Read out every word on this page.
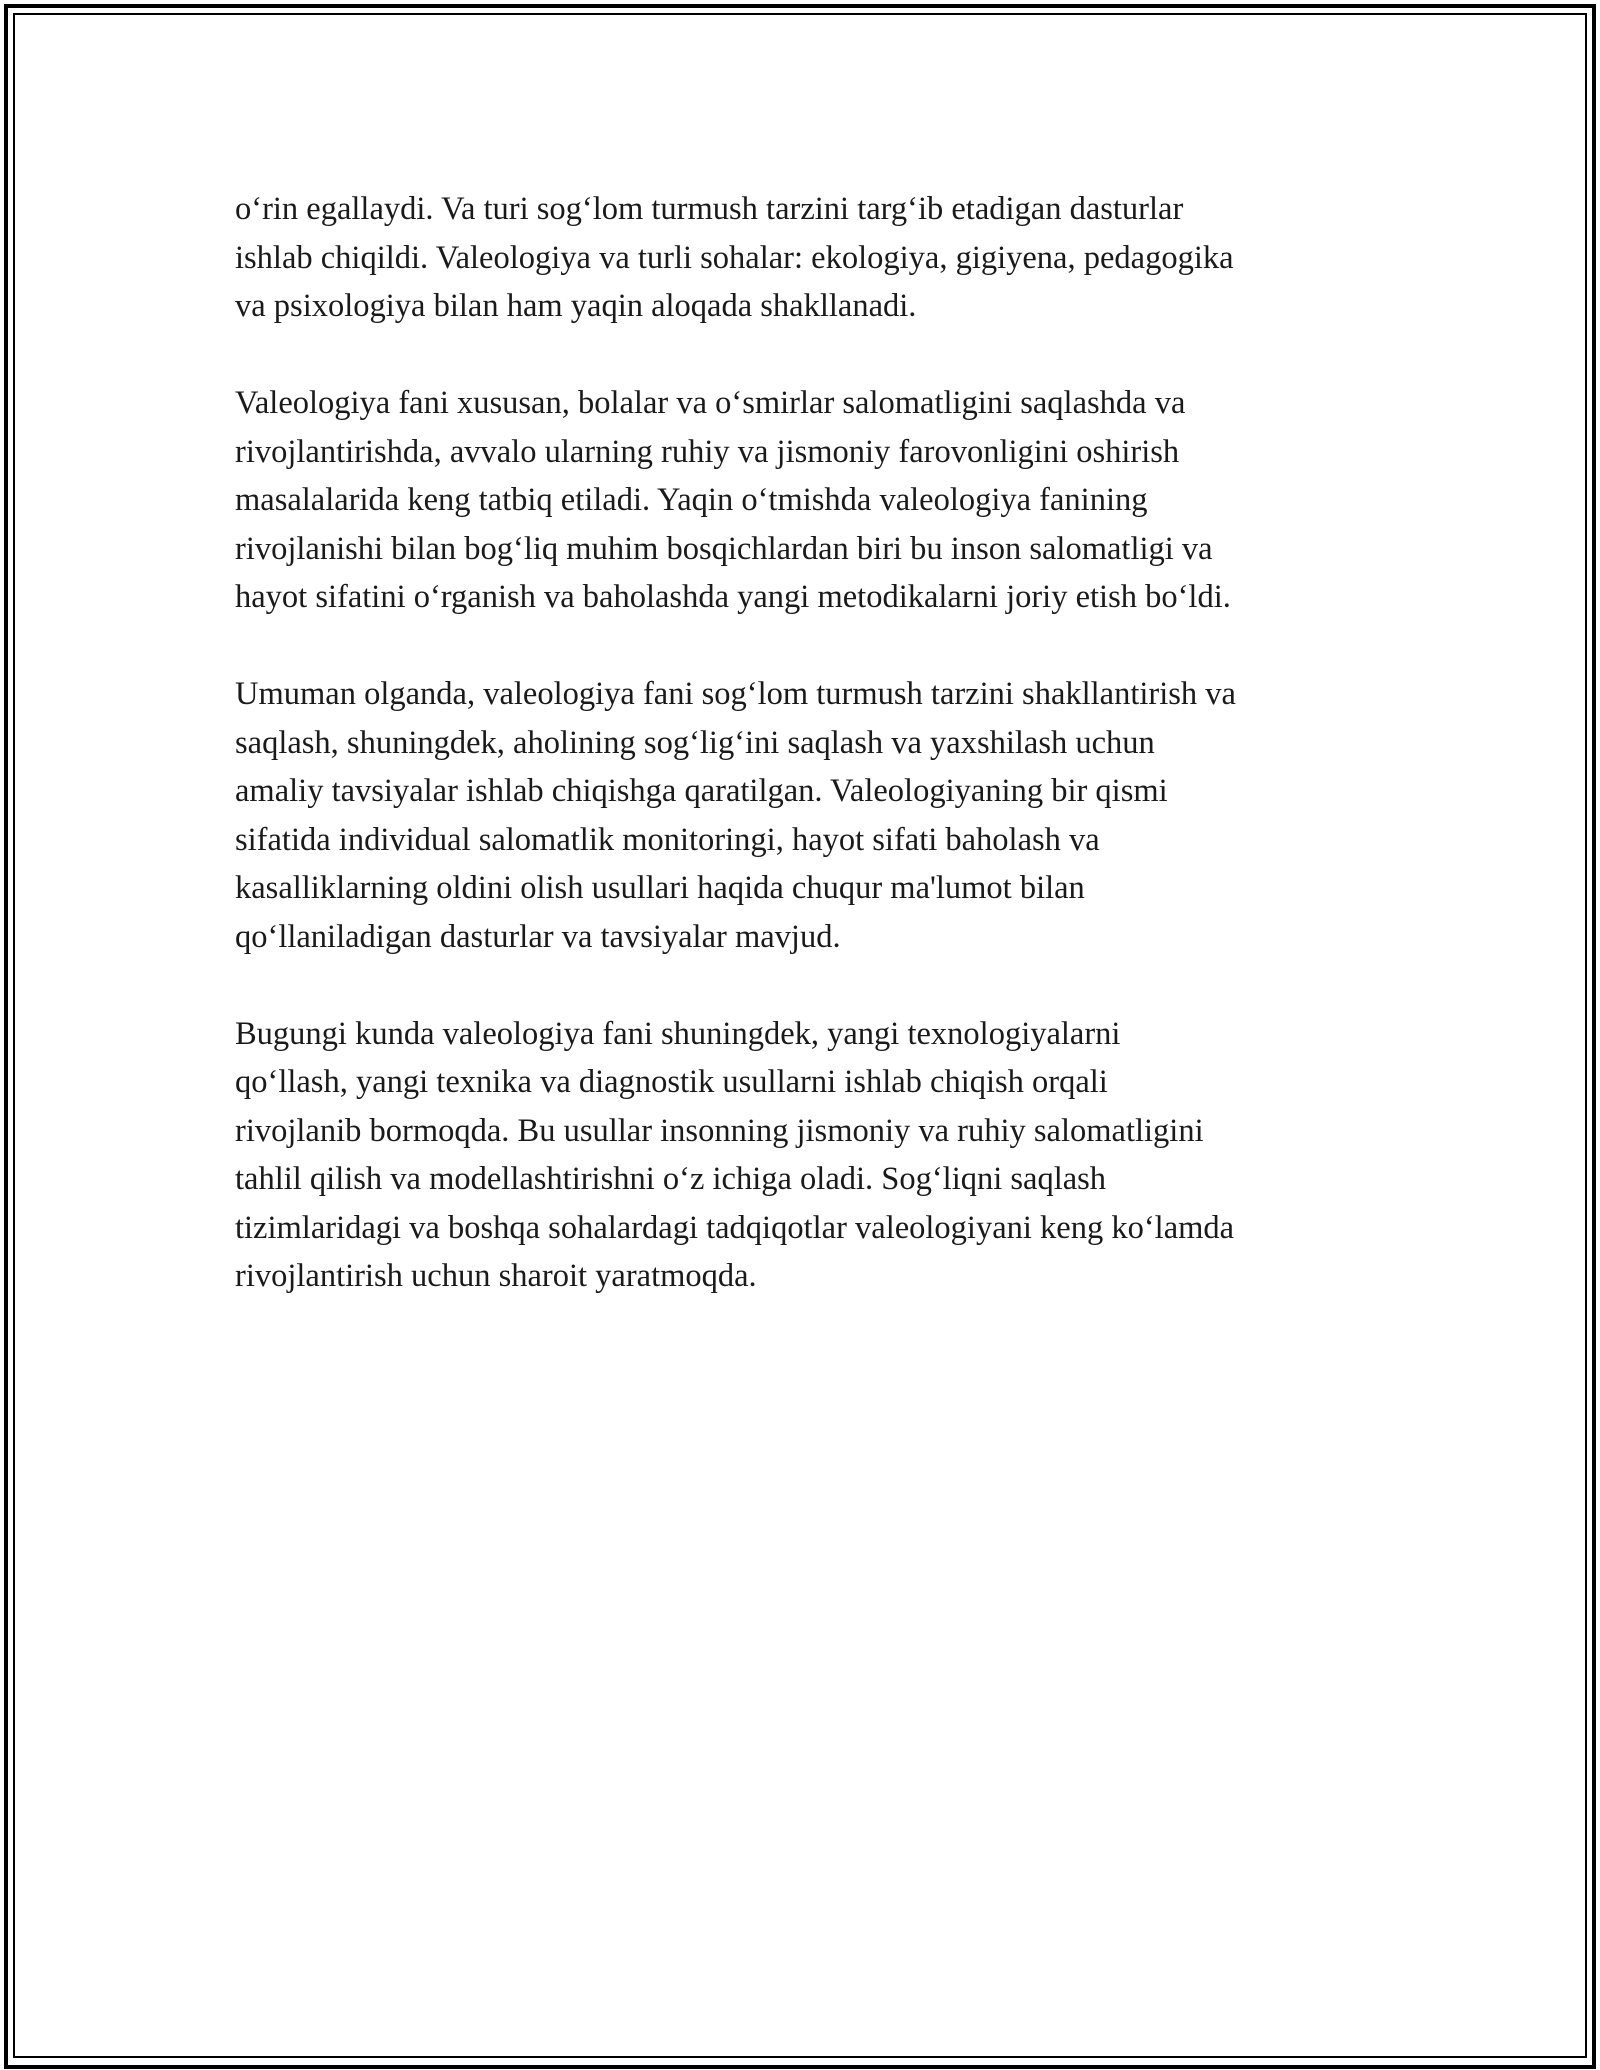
o‘rin egallaydi. Va turi sog‘lom turmush tarzini targ‘ib etadigan dasturlar
ishlab chiqildi. Valeologiya va turli sohalar: ekologiya, gigiyena, pedagogika
va psixologiya bilan ham yaqin aloqada shakllanadi.

Valeologiya fani xususan, bolalar va o‘smirlar salomatligini saqlashda va
rivojlantirishda, avvalo ularning ruhiy va jismoniy farovonligini oshirish
masalalarida keng tatbiq etiladi. Yaqin o‘tmishda valeologiya fanining
rivojlanishi bilan bog‘liq muhim bosqichlardan biri bu inson salomatligi va
hayot sifatini o‘rganish va baholashda yangi metodikalarni joriy etish bo‘ldi.

Umuman olganda, valeologiya fani sog‘lom turmush tarzini shakllantirish va
saqlash, shuningdek, aholining sog‘lig‘ini saqlash va yaxshilash uchun
amaliy tavsiyalar ishlab chiqishga qaratilgan. Valeologiyaning bir qismi
sifatida individual salomatlik monitoringi, hayot sifati baholash va
kasalliklarning oldini olish usullari haqida chuqur ma'lumot bilan
qo‘llaniladigan dasturlar va tavsiyalar mavjud.

Bugungi kunda valeologiya fani shuningdek, yangi texnologiyalarni
qo‘llash, yangi texnika va diagnostik usullarni ishlab chiqish orqali
rivojlanib bormoqda. Bu usullar insonning jismoniy va ruhiy salomatligini
tahlil qilish va modellashtirishni o‘z ichiga oladi. Sog‘liqni saqlash
tizimlaridagi va boshqa sohalardagi tadqiqotlar valeologiyani keng ko‘lamda
rivojlantirish uchun sharoit yaratmoqda.
